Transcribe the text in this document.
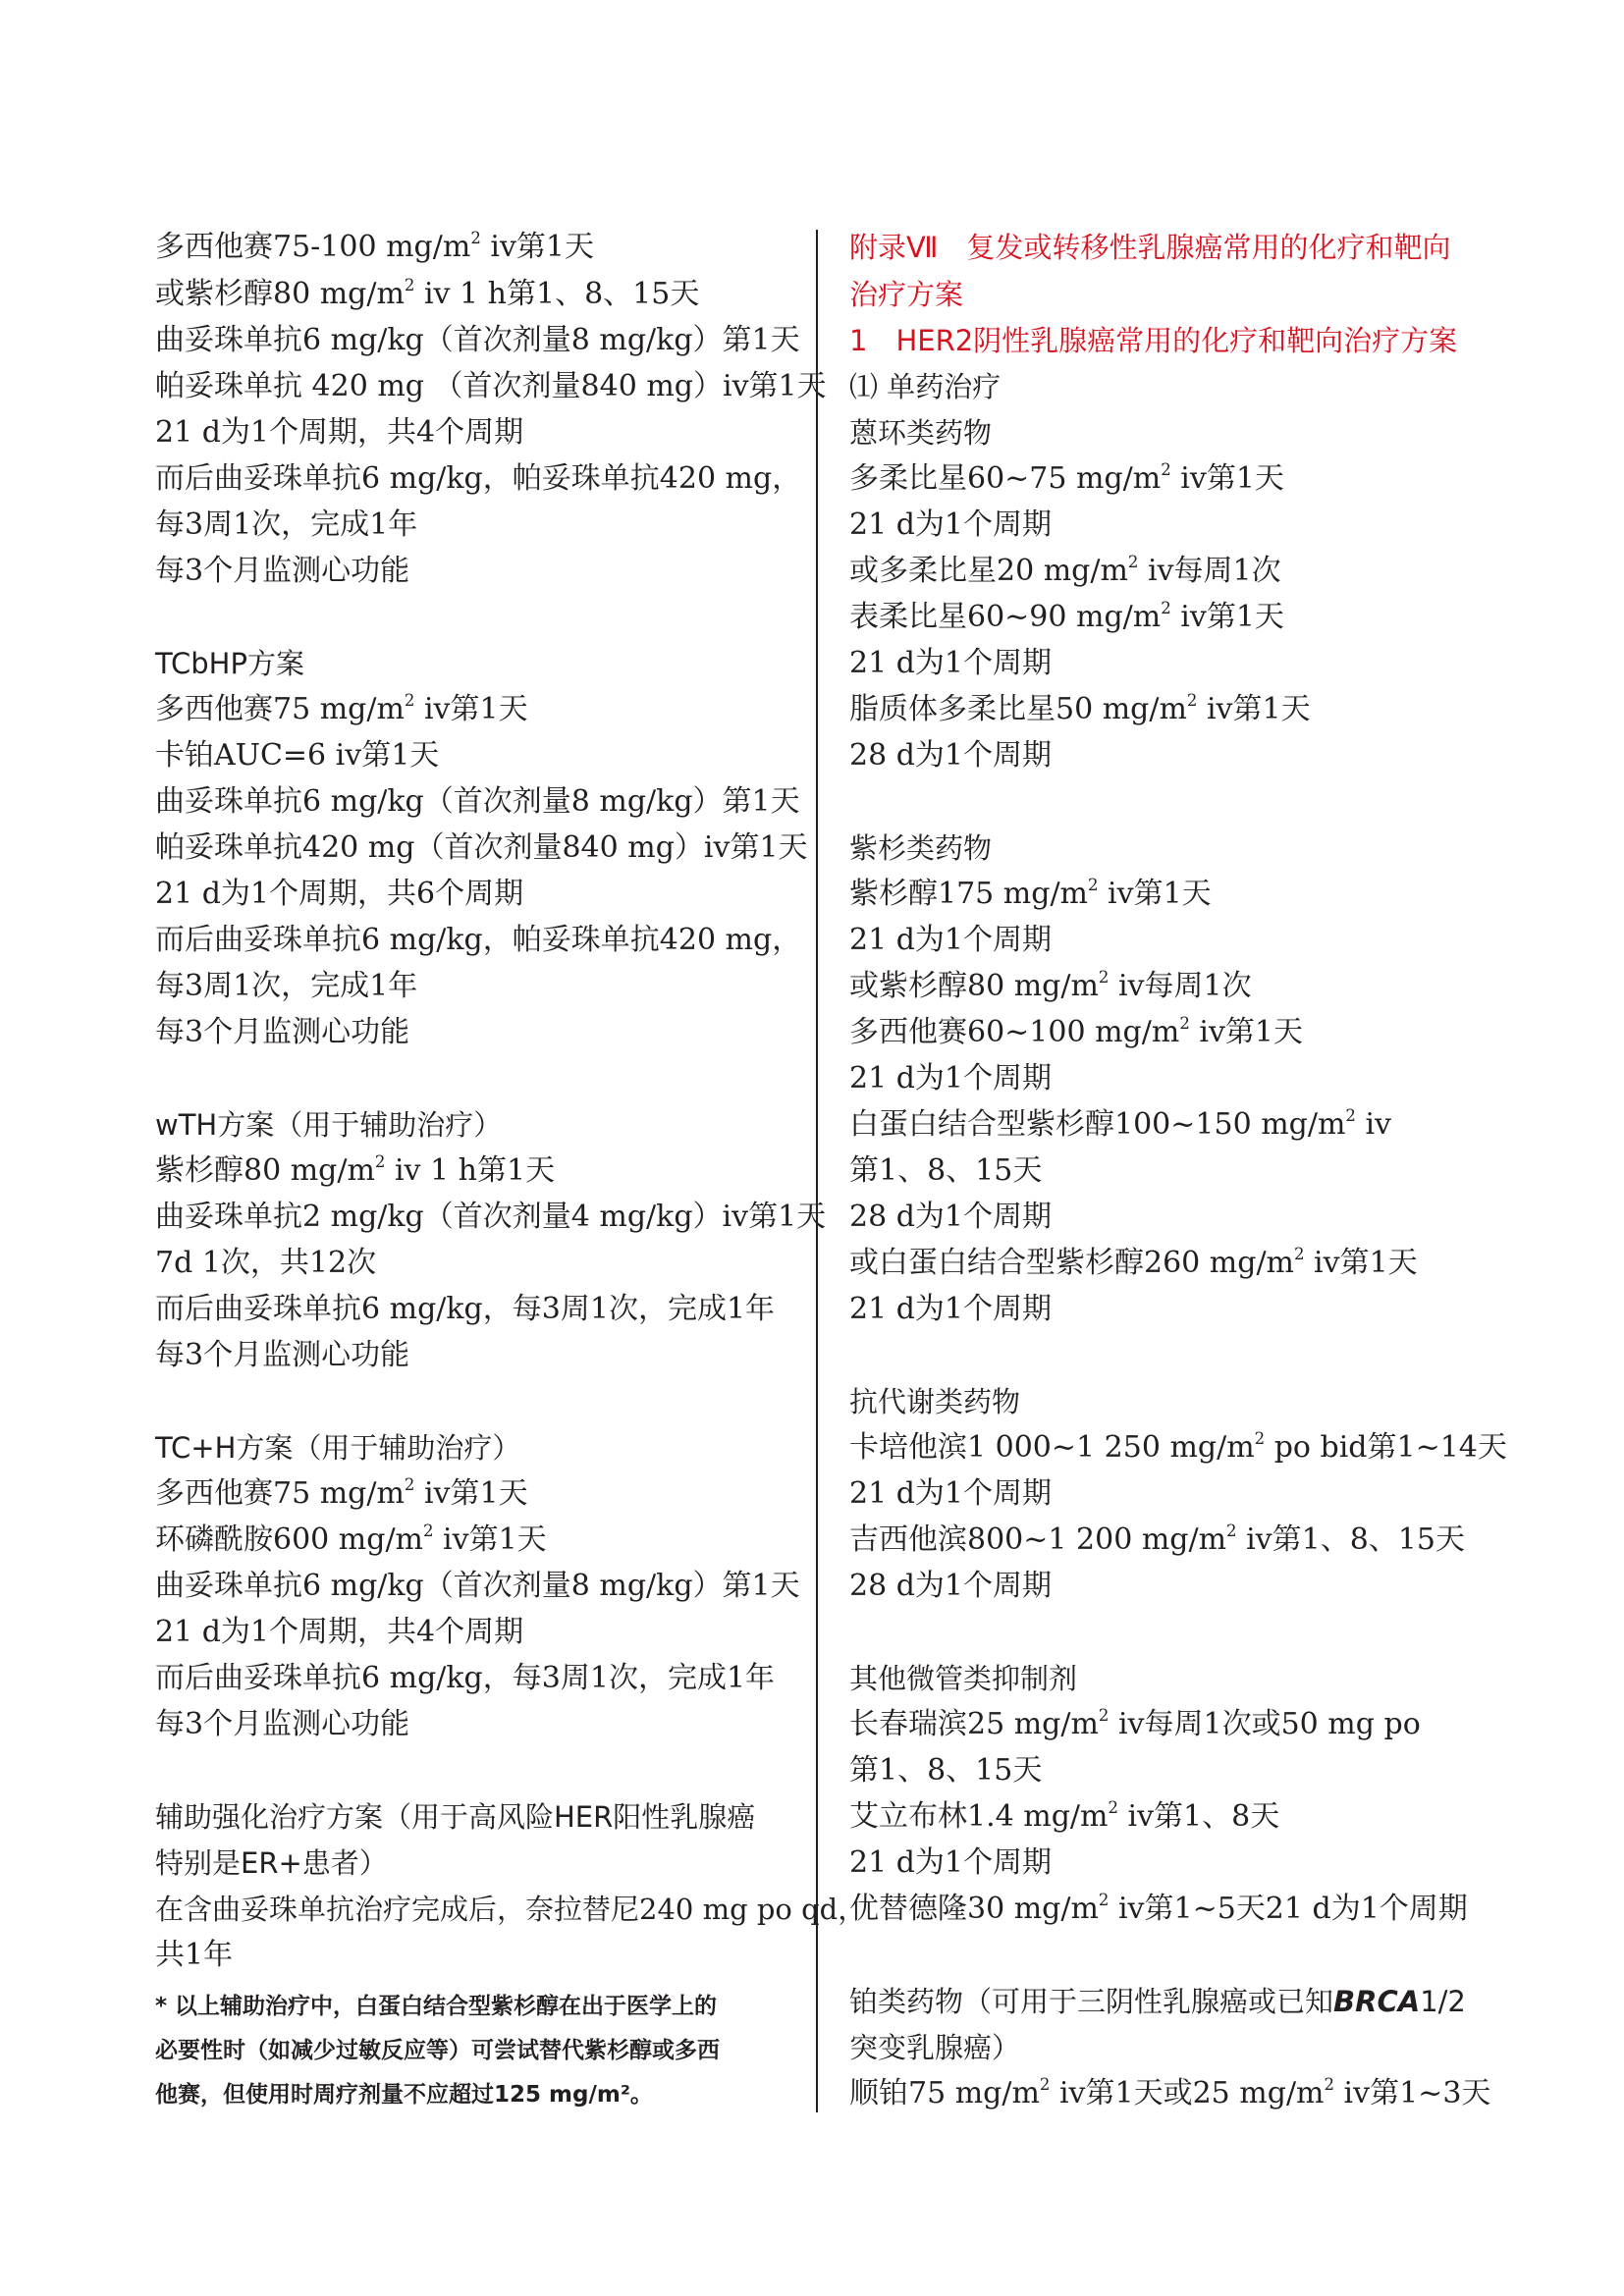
多西他赛75-100 $mg/m^2$ iv第1天
或紫杉醇80 $mg/m^2$ iv 1 h第1、8、15天
曲妥珠单抗6 mg/kg（首次剂量8 mg/kg）第1天
帕妥珠单抗 420 mg （首次剂量840 mg）iv第1天
21 d为1个周期，共4个周期
而后曲妥珠单抗6 mg/kg，帕妥珠单抗420 mg，
每3周1次，完成1年
每3个月监测心功能
TCbHP方案
多西他赛75 $mg/m^2$ iv第1天
卡铂AUC=6 iv第1天
曲妥珠单抗6 mg/kg（首次剂量8 mg/kg）第1天
帕妥珠单抗420 mg（首次剂量840 mg）iv第1天
21 d为1个周期，共6个周期
而后曲妥珠单抗6 mg/kg，帕妥珠单抗420 mg，
每3周1次，完成1年
每3个月监测心功能
wTH方案（用于辅助治疗）
紫杉醇80 $mg/m^2$ iv 1 h第1天
曲妥珠单抗2 mg/kg（首次剂量4 mg/kg）iv第1天
7d 1次，共12次
而后曲妥珠单抗6 mg/kg，每3周1次，完成1年
每3个月监测心功能
TC+H方案（用于辅助治疗）
多西他赛75 $mg/m^2$ iv第1天
环磷酰胺600 $mg/m^2$ iv第1天
曲妥珠单抗6 mg/kg（首次剂量8 mg/kg）第1天
21 d为1个周期，共4个周期
而后曲妥珠单抗6 mg/kg，每3周1次，完成1年
每3个月监测心功能
辅助强化治疗方案（用于高风险HER阳性乳腺癌
特别是ER+患者）
在含曲妥珠单抗治疗完成后，奈拉替尼240 mg po qd，
共1年
* 以上辅助治疗中，白蛋白结合型紫杉醇在出于医学上的
必要性时（如减少过敏反应等）可尝试替代紫杉醇或多西
他赛，但使用时周疗剂量不应超过125 mg/m²。
附录Ⅶ　复发或转移性乳腺癌常用的化疗和靶向
治疗方案
1　HER2阴性乳腺癌常用的化疗和靶向治疗方案
⑴ 单药治疗
蒽环类药物
多柔比星60~75 $mg/m^2$ iv第1天
21 d为1个周期
或多柔比星20 $mg/m^2$ iv每周1次
表柔比星60~90 $mg/m^2$ iv第1天
21 d为1个周期
脂质体多柔比星50 $mg/m^2$ iv第1天
28 d为1个周期
紫杉类药物
紫杉醇175 $mg/m^2$ iv第1天
21 d为1个周期
或紫杉醇80 $mg/m^2$ iv每周1次
多西他赛60~100 $mg/m^2$ iv第1天
21 d为1个周期
白蛋白结合型紫杉醇100~150 $mg/m^2$ iv
第1、8、15天
28 d为1个周期
或白蛋白结合型紫杉醇260 $mg/m^2$ iv第1天
21 d为1个周期
抗代谢类药物
卡培他滨1 000~1 250 $mg/m^2$ po bid第1~14天
21 d为1个周期
吉西他滨800~1 200 $mg/m^2$ iv第1、8、15天
28 d为1个周期
其他微管类抑制剂
长春瑞滨25 $mg/m^2$ iv每周1次或50 mg po
第1、8、15天
艾立布林1.4 $mg/m^2$ iv第1、8天
21 d为1个周期
优替德隆30 $mg/m^2$ iv第1~5天21 d为1个周期
铂类药物（可用于三阴性乳腺癌或已知BRCA1/2
突变乳腺癌）
顺铂75 $mg/m^2$ iv第1天或25 $mg/m^2$ iv第1~3天
